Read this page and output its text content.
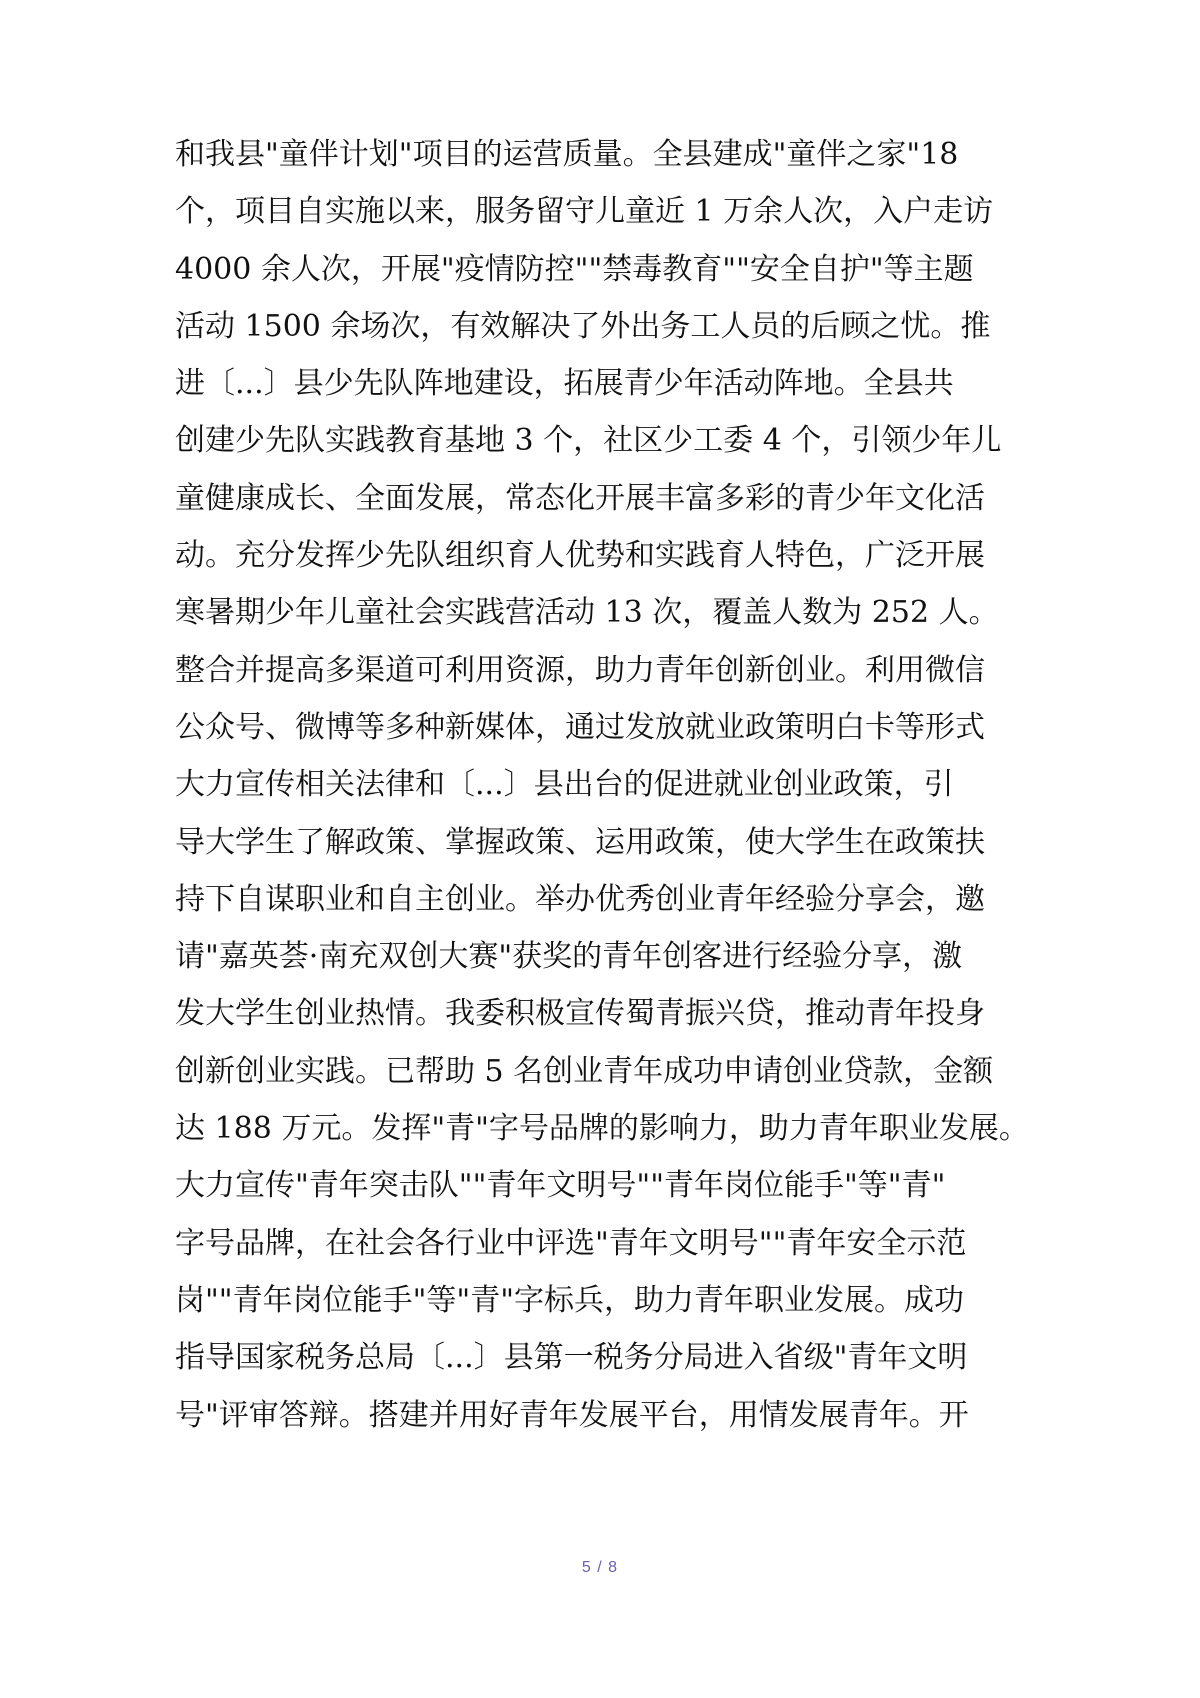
和我县"童伴计划"项目的运营质量。全县建成"童伴之家"18
个，项目自实施以来，服务留守儿童近 1 万余人次，入户走访
4000 余人次，开展"疫情防控""禁毒教育""安全自护"等主题
活动 1500 余场次，有效解决了外出务工人员的后顾之忧。推
进〔...〕县少先队阵地建设，拓展青少年活动阵地。全县共
创建少先队实践教育基地 3 个，社区少工委 4 个，引领少年儿
童健康成长、全面发展，常态化开展丰富多彩的青少年文化活
动。充分发挥少先队组织育人优势和实践育人特色，广泛开展
寒暑期少年儿童社会实践营活动 13 次，覆盖人数为 252 人。
整合并提高多渠道可利用资源，助力青年创新创业。利用微信
公众号、微博等多种新媒体，通过发放就业政策明白卡等形式
大力宣传相关法律和〔...〕县出台的促进就业创业政策，引
导大学生了解政策、掌握政策、运用政策，使大学生在政策扶
持下自谋职业和自主创业。举办优秀创业青年经验分享会，邀
请"嘉英荟·南充双创大赛"获奖的青年创客进行经验分享，激
发大学生创业热情。我委积极宣传蜀青振兴贷，推动青年投身
创新创业实践。已帮助 5 名创业青年成功申请创业贷款，金额
达 188 万元。发挥"青"字号品牌的影响力，助力青年职业发展。
大力宣传"青年突击队""青年文明号""青年岗位能手"等"青"
字号品牌，在社会各行业中评选"青年文明号""青年安全示范
岗""青年岗位能手"等"青"字标兵，助力青年职业发展。成功
指导国家税务总局〔...〕县第一税务分局进入省级"青年文明
号"评审答辩。搭建并用好青年发展平台，用情发展青年。开
5 / 8
